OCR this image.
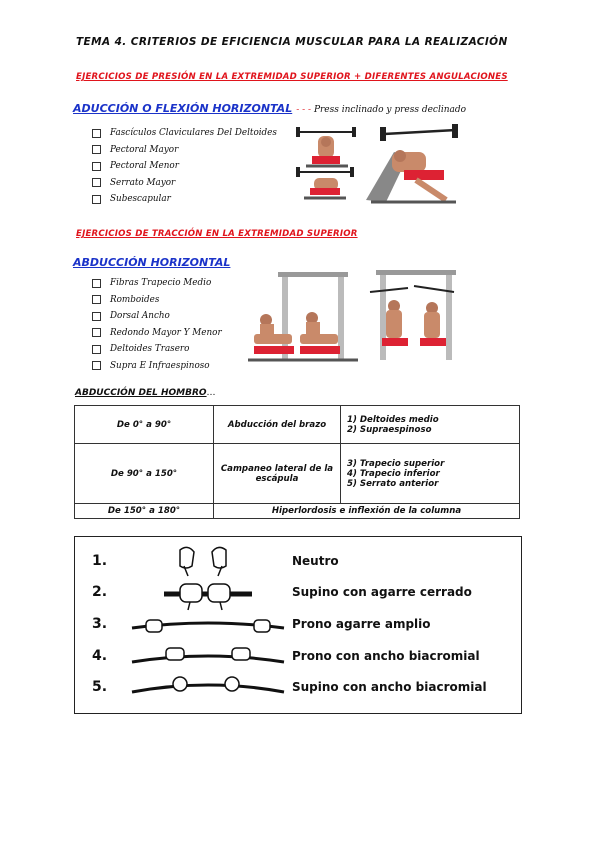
TEMA 4. CRITERIOS DE EFICIENCIA MUSCULAR PARA LA REALIZACIÓN
EJERCICIOS DE PRESIÓN EN LA EXTREMIDAD SUPERIOR + DIFERENTES ANGULACIONES
ADUCCIÓN O FLEXIÓN HORIZONTAL - - - Press inclinado y press declinado
Fascículos Claviculares Del Deltoides
Pectoral Mayor
Pectoral Menor
Serrato Mayor
Subescapular
EJERCICIOS DE TRACCIÓN EN LA EXTREMIDAD SUPERIOR
ABDUCCIÓN HORIZONTAL
Fibras Trapecio Medio
Romboides
Dorsal Ancho
Redondo Mayor Y Menor
Deltoides Trasero
Supra E Infraespinoso
ABDUCCIÓN DEL HOMBRO …
De 0° a 90°	Abducción del brazo	1) Deltoides medio
2) Supraespinoso

De 90° a 150°	Campaneo lateral de la escápula	3) Trapecio superior
4) Trapecio inferior
5) Serrato anterior

De 150° a 180°	Hiperlordosis e inflexión de la columna	
1.
2.
3.
4.
5.
Neutro
Supino con agarre cerrado
Prono agarre amplio
Prono con ancho biacromial
Supino con ancho biacromial
